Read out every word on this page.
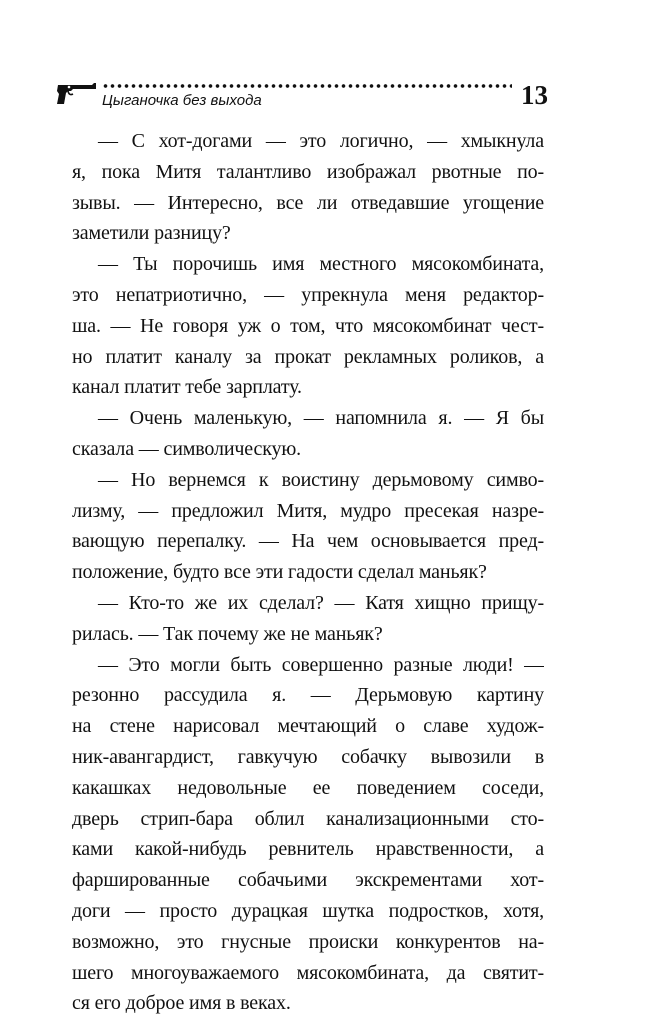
Цыганочка без выхода	13
— С хот-догами — это логично, — хмыкнула
я, пока Митя талантливо изображал рвотные по-
зывы. — Интересно, все ли отведавшие угощение
заметили разницу?
— Ты порочишь имя местного мясокомбината,
это непатриотично, — упрекнула меня редактор-
ша. — Не говоря уж о том, что мясокомбинат чест-
но платит каналу за прокат рекламных роликов, а
канал платит тебе зарплату.
— Очень маленькую, — напомнила я. — Я бы
сказала — символическую.
— Но вернемся к воистину дерьмовому симво-
лизму, — предложил Митя, мудро пресекая назре-
вающую перепалку. — На чем основывается пред-
положение, будто все эти гадости сделал маньяк?
— Кто-то же их сделал? — Катя хищно прищу-
рилась. — Так почему же не маньяк?
— Это могли быть совершенно разные люди! —
резонно рассудила я. — Дерьмовую картину
на стене нарисовал мечтающий о славе худож-
ник-авангардист, гавкучую собачку вывозили в
какашках недовольные ее поведением соседи,
дверь стрип-бара облил канализационными сто-
ками какой-нибудь ревнитель нравственности, а
фаршированные собачьими экскрементами хот-
доги — просто дурацкая шутка подростков, хотя,
возможно, это гнусные происки конкурентов на-
шего многоуважаемого мясокомбината, да святит-
ся его доброе имя в веках.
